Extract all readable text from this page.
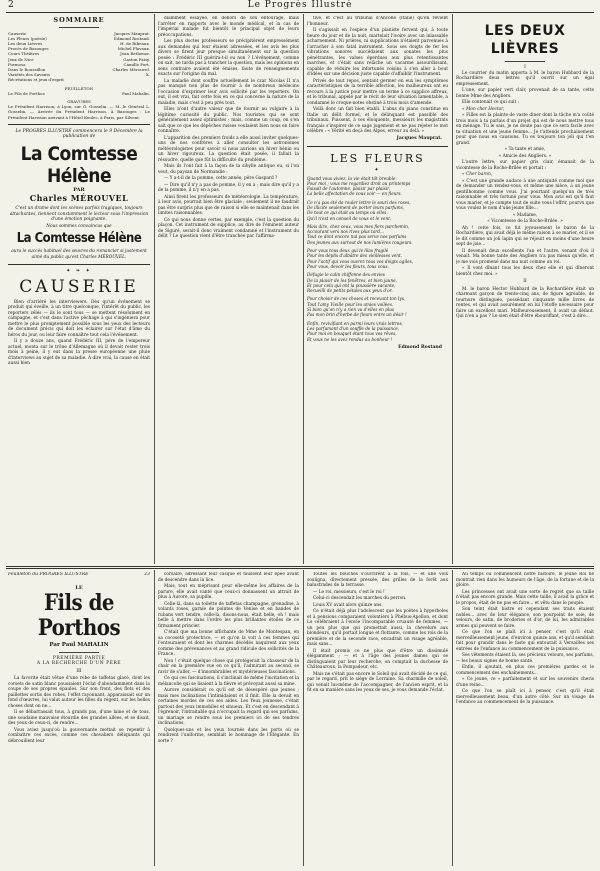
2	Le Progrès Illustré
SOMMAIRE
Causerie	Jacques Mauprat.
Les Fleurs (poésie)	Edmond Rostand.
Les deux Lièvres	H. de Ribeaux.
Procès de Bazouges	Michel Flavaux.
Cours Théâtres	Jean Rethenor.
Jeux de Nice	Gaston Faisy.
Formosa	Camille Port.
Dans le Roussillon	Charles Mérouvel.
Variétés des Savants	X.
Récréations et jeux d'esprit
FEUILLETON
Le Fils de Porthos	Paul Mahalin.
GRAVURES
Le Président Harrison, à Lyon, sur G. Gosselin. — M. le Général L. Gosselin. — Arrivée du Président Harrison. À Bazouges : Le Président Harrison arrivant à l'Hôtel Kenlec, à Paris, par Silvent.

Le PROGRÈS ILLUSTRÉ commencera le 9 Décembre la publication de

La Comtesse Hélène
PAR
Charles MÉROUVEL

C'est un drame dont les scènes parfois tragiques, toujours attachantes, tiennent constamment le lecteur sous l'impression d'une émotion poignante.

Nous sommes convaincus que

La Comtesse Hélène

aura le succès habituel des œuvres du romancier si justement aimé du public qu'est Charles MÉROUVEL.

✦ ❧ ✦
CAUSERIE

Bien d'arriéré les interviewers. Dès qu'un événement se produit qui éveille, à un titre quelconque, l'intérêt du public, les reporters zélés — ils le sont tous — se mettent résolument en campagne, et c'est dans l'active pêchage à qui s'ingéniera pour mettre le plus promptement possible sous les yeux des lecteurs de document précis qui doit les éclairer sur l'état d'âme du héros du jour, ou leur faire connaître tout cela l'événement.

Il y a douze ans, quand Frédéric III, père de l'empereur actuel, monta sur le trône d'Allemagne où il devait rester trois mois à peine, il y eut dans la presse européenne une pluie d'interviews au sujet de sa maladie. À dire vrai, la cause en était aussi bien

diamment essayée, en dehors de son entourage, mais l'arrêter en rapports avec le monde médical, et la cas de l'impérial malade fut bientôt le principal objet de leurs préoccupations.

Les plus doctes professeurs se précipitèrent empressément aux demandes qui leur étaient adressées, et les avis les plus divers se firent jour presque simultanément sur la question posée : Frédéric III guérira-t-il ou non ? L'événement, comme on sait, ne tarda pas à trancher la question, mais les opinions en sens contraire avaient été émises, faute de renseignements exacts sur l'origine du mal.

La maladie dont souffre actuellement le czar Nicolas II n'a pas manqué non plus de fournir à de nombreux médecins l'occasion d'exprimer leur avis sollicité par les reporters. On eut, il est vrai, fait cette fois en ce qui concerne la nature de la maladie, mais c'est à peu près tout.

Elles n'ont d'autre valeur que de fournir au vulgaire à la légitime curiosité du public. Nos touristes qui se sont généralement assez optimistes ; mais, comme un coup, on s'en sait que ce que les dépêches russes voulaient bien nous en faire connaître.

L'apparition des premiers froids a elle aussi inviter quelques-uns de nos confrères à aller consulter les astronomes météorologistes pour savoir si nous aurions un hiver bénin ou un hiver rigoureux. La question était posée, il fallait la résoudre, quelle que fût la difficulté du problème.

Mais ils l'ont fait à la façon de la sibylle antique ou, si l'on veut, du paysan de Normandie :

— Y a-t-il de la pomme, cette année, père Gaspard ?

— Dire qu'il n'y a pas de pomme, il y en a ; mais dire qu'il y a de la pomme, il n'y en a pas.

Ainsi firent les professeurs de météorologie. La température, à leur avis, pourrait bien être glaciale ; seulement il ne faudrait pas être surpris plus que de raison si elle se maintenait dans les limites raisonnables.

Ce qui nous donne certes, par exemple, c'est la question du plaçon. Cet instrument de supplice, au dire de l'éminent auteur de Siguré, serait-il donc vraiment condamné et l'instrument du délit ? Le question vient d'être tranchée par l'affirma-

tive, et c'est au tribunal d'Ancône (Italie) qu'en revient l'honneur.

Il s'agissait en l'espèce d'un pianiste fervent qui, à toute heure du jour et de la nuit, martelait l'ivoire avec un inlassable acharnement. Ni prières, ni supplications n'étaient parvenues à l'arracher à son fatal instrument. Sous ses doigts de fer les vibrations sonores succédaient aux sonates les plus pénétrantes, les valses éperdues aux plus retentissantes marches, et c'était sans relâche un vacarme assourdissant, capable de réduire les infortunés voisins à s'en aller à bout d'idées sur une décision juste capable d'affaiblir l'instrument.

Privés de tout repos, sentant germer en eux les symptômes caractéristiques de la terrible affection, les malheureux ont eu recours à la justice pour mettre un terme à ce supplice affreux, et le tribunal, appelé par le récit de leur situation lamentable, a condamné le croque-notes obstiné à trois mois d'amende.

Voilà donc un fait bien établi. L'abus du piano constitue en Italie un délit formel, et le délinquant est passible des tribunaux. Puissent, à ces éloiquents, messieurs les magistrats français s'inspirer de ce sage jugement et ne pas rejeter le mot célèbre : « Vérité en deçà des Alpes, erreur au delà. »

Jacques Mauprat.
LES FLEURS
✦
Quand vous viviez, la vie était tôt breuble
Pour moi ; vous me regardiez droit au printemps
Faisait de l'automne, plaisir par plaisir,
La belle affectation de vous voir — en fleurs.
Ce n'a pas été de rouler lettre le souri des roses,
De illicite seulement de porter leurs parfums,
De tout ce qui était au temps où elles,
Qu'il n'est en conseil de vous et le vent.
Mais dire, chez ceux, vous mes fiers parchemin,
Accourant vers nos rives plus tard...
Tout ce dont encore nul pas serve nos parfums
Des jeunes aux surtout de nos lumières rougeurs.
Pour vous tous deux qui le lilas fragilé
Pour les déplis d'albâtre des vieillesses vent,
Pour l'actif qui vous ouvrez tous vos doigts agiles,
Pour vous, devoir les fleurs, tous vous.
Défugie le calin chiffonne des envies
De la plaisir de les fenêtres, et bien jaune,
Et pour cela qui ont la poussière vacante,
Recueilli de petits pétales aux yeux d'or.
Pour choisir de ces choses et recevant ton lys,
Tout l'amy Vieille pour les amies voilées.
Si bien qu'on n'y a rien vu d'elles en plus
Pas mon brin d'herbe de fleurs entre un désir !
Enfin, revivifiant en parmi leurs vrais lettres,
Les parfumant d'un souffle de la puissance,
Pour moi en bouquet étant tous vos rêves,
Et vous ne les avez rendus au bonheur !
Edmond Rostand
LES DEUX LIÈVRES
I

Le courrier du matin apporta à M. le baron Hubbard de la Rochardière deux lettres qu'il ouvrit sur un égal empressement.

L'une, sur papier vert clair, provenait de sa tante, cette bonne Mme des Angliers.

Elle contenait ce qui suit :

« Mon cher Hector,

« Filles est la plainte de vaste diner dont la tâche m'a coûté trois mois à ta parlais d'un projet qui est de nous mettre tous en ménage. Tu le sais, je ne doute pas que ce sera facile avec ta situation et une jeune femme... Je t'attends prochainement pour que nous en causions. Tu es toujours ton joli qui t'en grand.

« Ta tante et amie,

« Amicie des Angliers. »

L'autre lettre, sur papier gris clair, émanait de la vicomtesse de la Roche-Brilée et portait :

« Cher baron,

« C'est une grande audace à une antiquité comme moi que de demander un rendez-vous, et même une nièce, à un jeune gentilhomme comme vous. J'ai pourtant quelqu'un de très raisonnable et très fortuné pour vous. Mon avis est qu'il faut vous marier, et je compte tout de suite vous l'offrir, pourvu que vous voulez le nom d'une jeune fille...

« Madame,

« Vicomtesse de la Roche-Brilée. »

Ah ! cette fois, ce fut joyeusement le baron de la Rochardière, qui avait déjà le même raison à se marier, et il se le dit comme un joli lapin qui se réjouit en moins d'une heure sept de joie...

Il devenait deux excellents l'an et l'autre, venant d'où il venait. Ma bonne tante des Angliers n'a pas mieux qu'elle, et je me vois promené dans ma nuit comme un roi.

« Il vont dînant tous les deux chez elle et qui dîneront bientôt chez moi. »

II

M. le baron Hector Hubbard de la Rochardière était un charmant garçon de trente-cinq ans, de figure agréable, de tournure distinguée, possédant cinquante mille livres de rentes, et qui avait assurément en lui l'étoffe nécessaire pour faire un excellent mari. Malheureusement, il avait un défaut. Qui n'en a pas ? Le sien était d'être ébouriffant, c'est à dire...

Feuilleton du PROGRÈS ILLUSTRÉ	23
LE
Fils de Porthos
Par Paul MAHALIN
PREMIÈRE PARTIE
A LA RECHERCHE D'UN PÈRE
III

La favorite était vêtue d'une robe de taffetas glacé, dont les corsets de satin blanc poussaient l'éclat d'abondamment dans la coupe de ses propres épaules. Sur son front, des flots et des paillettes sortis des robes, l'effet rayonnant, apparaissait sur un fond d'œuvres, lui valut autour les filles du régent, sur les belles choses dont on ne...

Il se débarrassait tous, à grands pas, d'une laine et de tous, une soudaine mauvaise étourdie des grandes allées, et se disait, des yeux de ceux-ci, de rendre...

Vous aviez jusqu'où la gouvernante mettait se repentir à combattre ces excès, comme ces chevaliers déliquants qui débrouillent leur

corsaire, adressant leur casque et faussent leur épée avant de descendre dans la lice.

Mais, tout en méprisant pour elle-même les affaires de la parure, elle avait vanté que ceux-ci donnassent un attrait de plus à Aurore, sa pupille.

Celle-là, dans sa toilette de taffetas champagne, grenadine, à volants roses, garnie de pointes de Venise et en bandes de rubans vert tendre, celle-là, disons-nous, était belle, oh ! mais belle à mettre dans l'ordre les plus brillantes étoiles de ce firmament princier.

C'était que ma bonne affichante de Mme de Montespan, en sa cocoseté protectrice, — et qu'on la voit à ces femmes qui l'entouraient et dont les charmes décédés naquirent aux yeux comme des prévenances et au grand ridicule des sollicités de la France.

Non ! c'était quelque chose qui protégerait la chasseur de la chair en la première vue en ce qu'il, l'admirant au second, se ravir de s'aller, — d'innombrables et mystérieuses fascinations.

Ce qui ces fascinations, il s'inclinait de même l'incitation et la mélancolie qui se lisaient à la fièvre et prévoyait aussi sa mine.

Aurore considérait ce qu'il est de désespéré que jeunes ; mais mes inclinations l'intimidaient et il finit. Elle la devait en certaines mordes de ces ses aides. Les Yeux jeunesse, c'était partout des yeux immobiles et sinueux. Et c'est en descendant à l'égrenoir, l'intraitable qui n'occupait la regard qui ses parfums, un mariage se rendre sous les premiers ici de ses tendres inclinations.

Quelques-uns et les yeux tournés dans les ports où se rendirent l'uniforme, semblait le hommage de l'Élégante. En sorte ?

Toutes les bouches s'ouvrirent à la fois, — et une voix souligna, directement pressée, des grilles de la forêt aux balustrades de la terrasse.

— Le roi, messieurs, c'est le roi !

Celui-ci descendait les marches du perron.

Louis XV avait alors quinze ans.

Ce n'était déjà plus l'adolescent que les poètes à hyperboles et à pensions comparaient volontiers à Phébus-Apollon, et dont Le célébraient à l'envie l'incomparable cruauté de femmes, — un peu plus que qui promettait aussi, la chevelure aux blondeurs, qu'il portait longue et flottante, comme les rois de la première et de la seconde race, encadrait un visage agréable, mais sans...

Il était promis ce ne plus que d'être un dissimulé élégamment ; — et à l'âge des jeunes dames qui se distinguaient par leur recherche, on comptait la duchesse de Châteauroux, la Pompadour, etc.

Mais ne s'était pas encore le Soleil qui avait décidé de ce qui, par le regard, prit le siège de Lorraine. Sa charmille de soleil, qui venait lui-même de l'accompagner, de l'ancien esprit, et la fit en sa manière sans les yeux de ses, je vous demande l'éclat.

Au temps où commencent notre histoire, le jeune Roi ne montrait rien dans les humeurs de l'âge, de la fortune et de la gloire.

Les princesses ont avait une sorte de regret que sa taille n'était pas encore grande. Mais cette taille, il avait la grâce et le propos, était de ne pas en faire... et vêtu dans le peuple.

Son teint était bistre et cependant ses traits étaient nobles... avec de leur élégance, son pourpoint de soie, de velours, de satin, de broderies et d'or, de lui, les admirables armes qui peuvent se faire.

Ce que l'on se plaît ici à penser, c'est qu'il était merveilleusement jeune, d'environ quinze ans, et qu'il semblait fait pour grandir dans le faste qui entourait à Versailles ses entrées de l'enfance au commencement de la puissance.

Ses vêtements étaient là, ses précieux velours, ses parfums, — les beaux signes de bonne santé.

Enfin, il ajoutait, en plus ces premières gardes et le commencement des enchaînements...

« Ce jeune, ce » parfaitement et sur les souvenirs cheris d'une reine...

Ce que l'on se plaît ici à penser, c'est qu'il était merveilleusement beau, d'un autre côté. Sur un visage de l'enfance au commencement de la puissance.
